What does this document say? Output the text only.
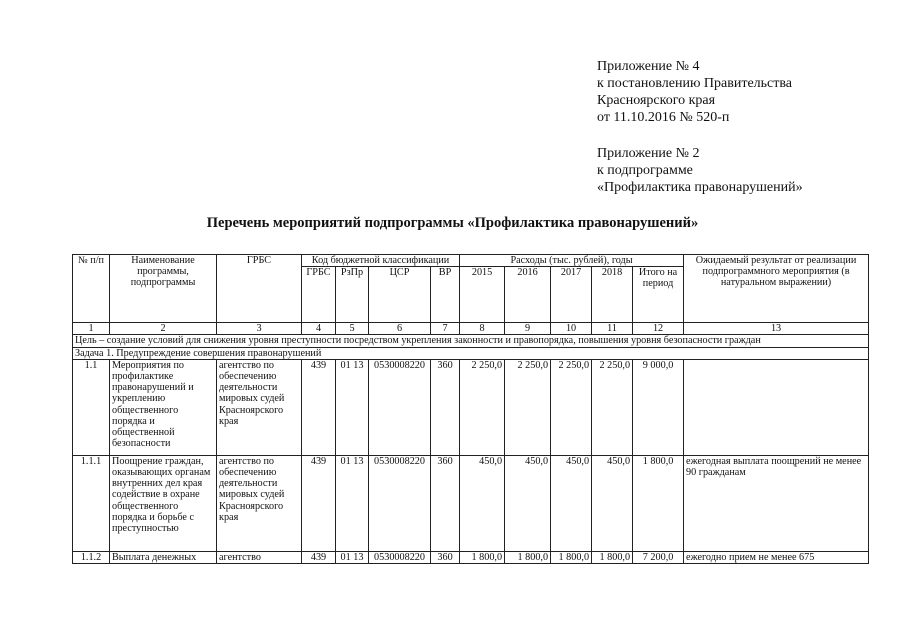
Приложение № 4
к постановлению Правительства
Красноярского края
от 11.10.2016 № 520-п
Приложение № 2
к подпрограмме
«Профилактика правонарушений»
Перечень мероприятий подпрограммы «Профилактика правонарушений»
№ п/п	Наименование программы, подпрограммы	ГРБС	Код бюджетной классификации				Расходы (тыс. рублей), годы					Ожидаемый результат от реализации подпрограммного мероприятия (в натуральном выражении)
			ГРБС	РзПр	ЦСР	ВР	2015	2016	2017	2018	Итого на период	
1	2	3	4	5	6	7	8	9	10	11	12	13
Цель – создание условий для снижения уровня преступности посредством укрепления законности и правопорядка, повышения уровня безопасности граждан												
Задача 1. Предупреждение совершения правонарушений												
1.1	Мероприятия по профилактике правонарушений и укреплению общественного порядка и общественной безопасности	агентство по обеспечению деятельности мировых судей Красноярского края	439	01 13	0530008220	360	2 250,0	2 250,0	2 250,0	2 250,0	9 000,0	
1.1.1	Поощрение граждан, оказывающих органам внутренних дел края содействие в охране общественного порядка и борьбе с преступностью	агентство по обеспечению деятельности мировых судей Красноярского края	439	01 13	0530008220	360	450,0	450,0	450,0	450,0	1 800,0	ежегодная выплата поощрений не менее 90 гражданам
1.1.2	Выплата денежных	агентство	439	01 13	0530008220	360	1 800,0	1 800,0	1 800,0	1 800,0	7 200,0	ежегодно прием не менее 675
